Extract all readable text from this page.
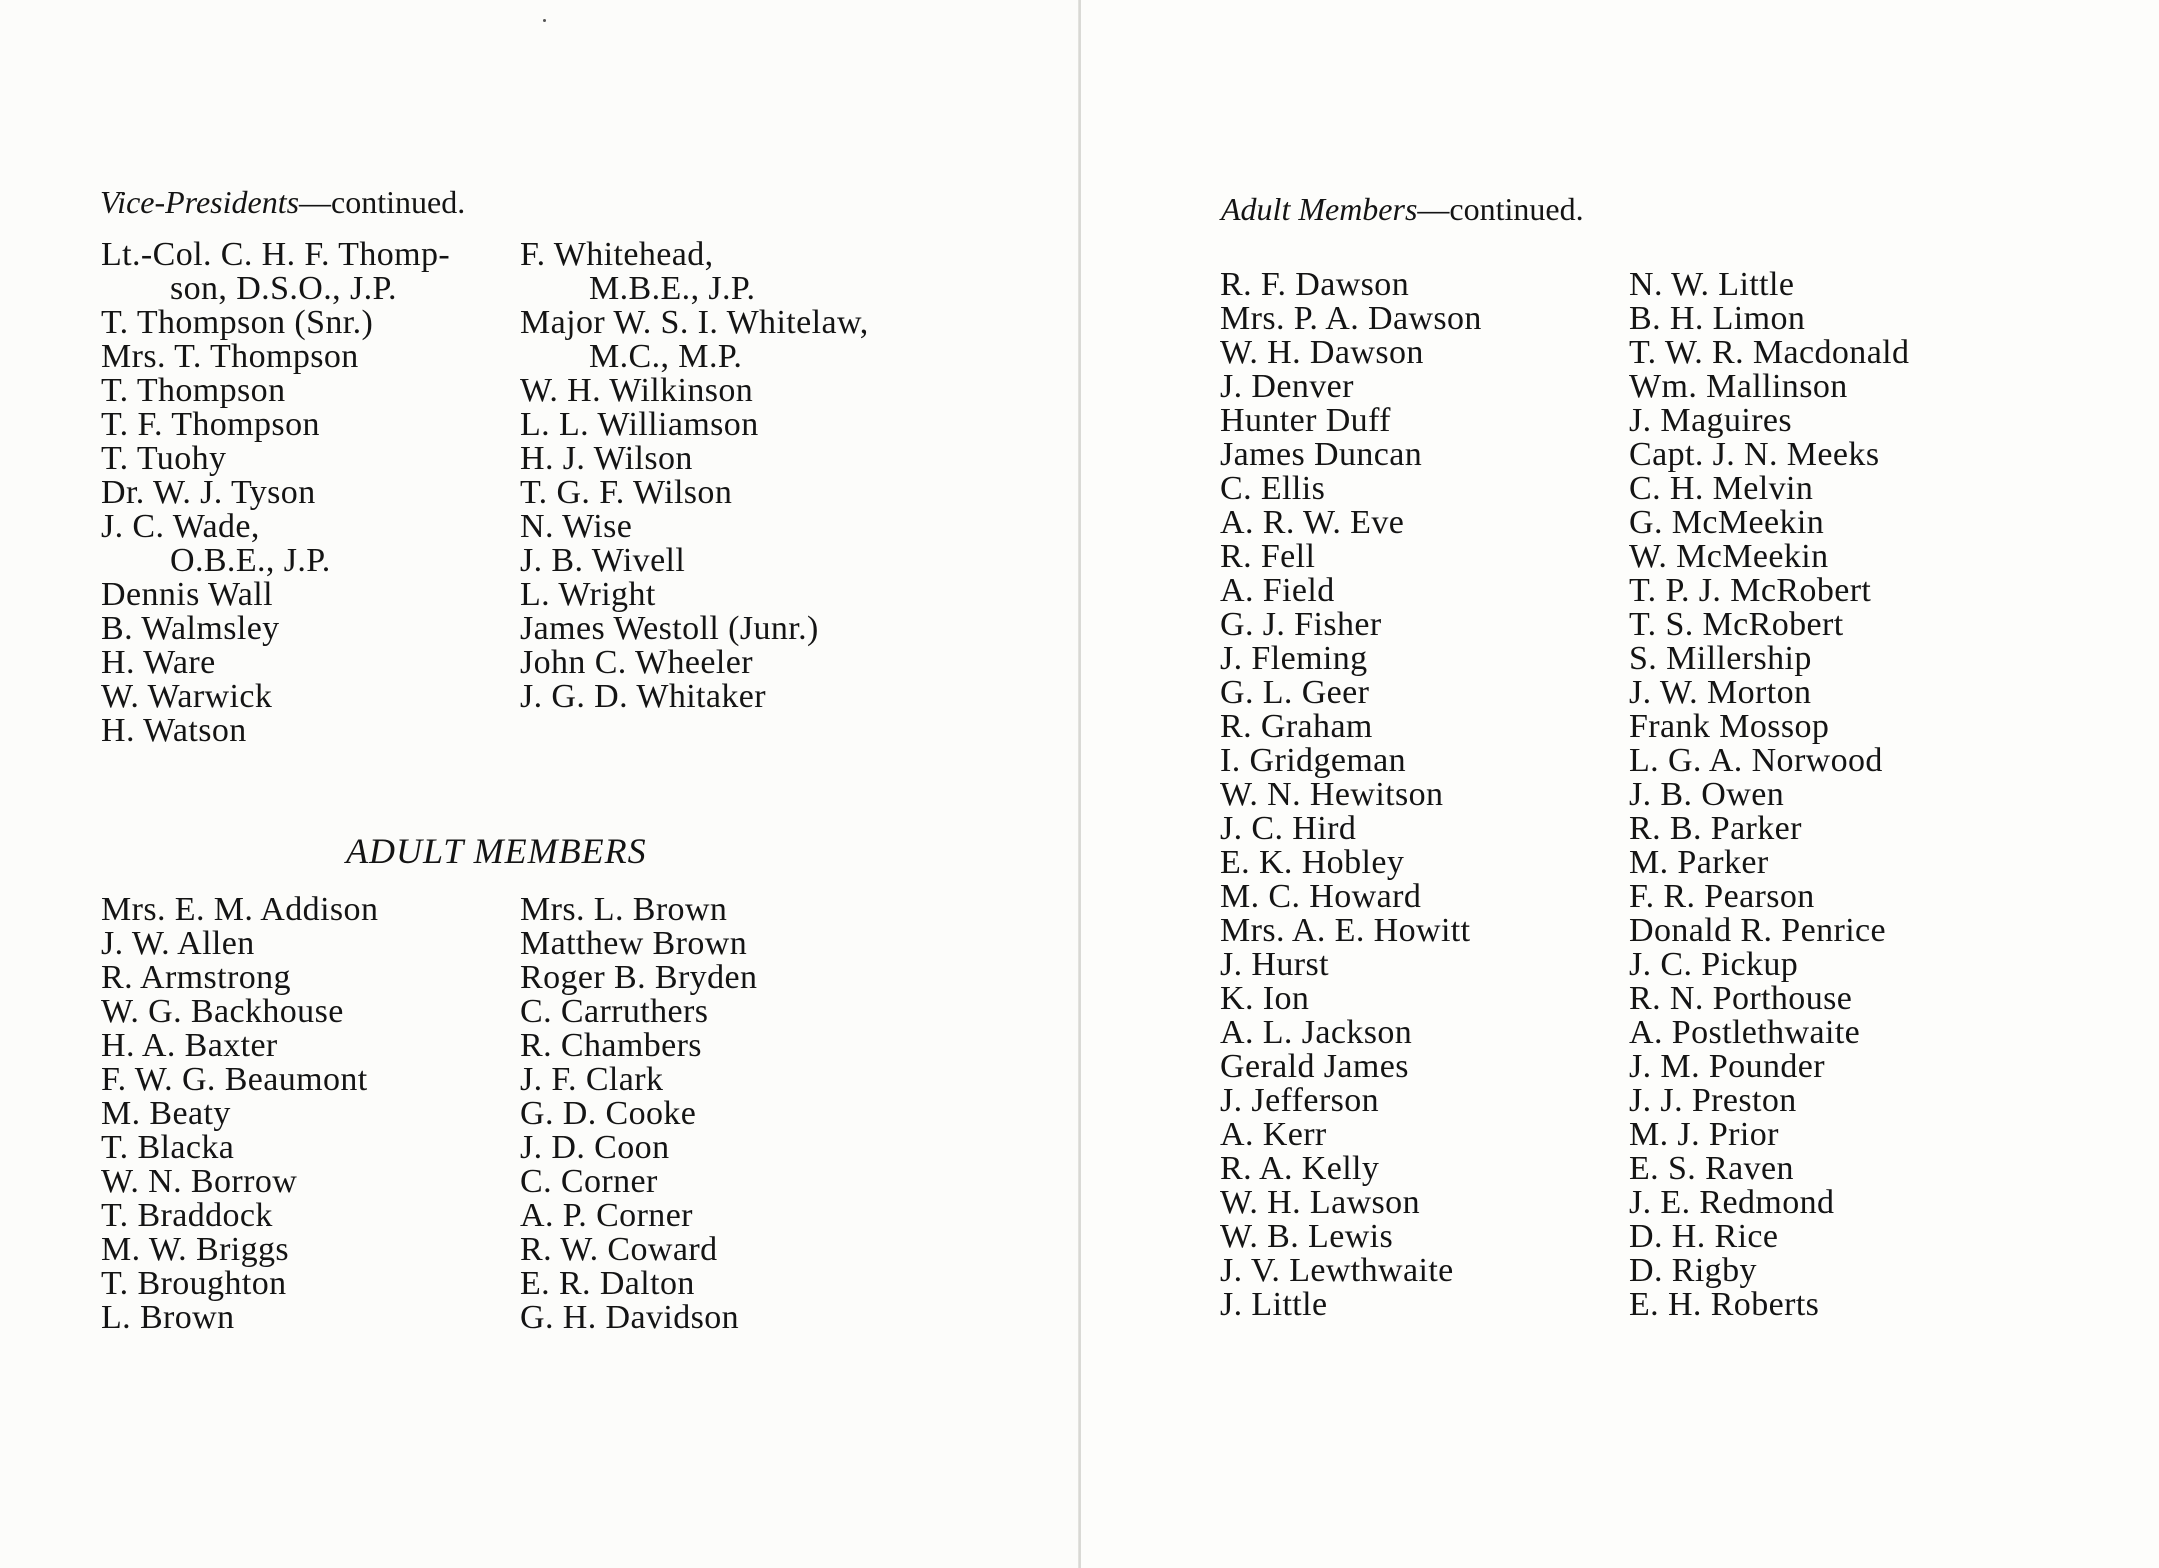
Vice-Presidents—continued.
Lt.-Col. C. H. F. Thomp-
son, D.S.O., J.P.
T. Thompson (Snr.)
Mrs. T. Thompson
T. Thompson
T. F. Thompson
T. Tuohy
Dr. W. J. Tyson
J. C. Wade,
O.B.E., J.P.
Dennis Wall
B. Walmsley
H. Ware
W. Warwick
H. Watson
F. Whitehead,
M.B.E., J.P.
Major W. S. I. Whitelaw,
M.C., M.P.
W. H. Wilkinson
L. L. Williamson
H. J. Wilson
T. G. F. Wilson
N. Wise
J. B. Wivell
L. Wright
James Westoll (Junr.)
John C. Wheeler
J. G. D. Whitaker
ADULT MEMBERS
Mrs. E. M. Addison
J. W. Allen
R. Armstrong
W. G. Backhouse
H. A. Baxter
F. W. G. Beaumont
M. Beaty
T. Blacka
W. N. Borrow
T. Braddock
M. W. Briggs
T. Broughton
L. Brown
Mrs. L. Brown
Matthew Brown
Roger B. Bryden
C. Carruthers
R. Chambers
J. F. Clark
G. D. Cooke
J. D. Coon
C. Corner
A. P. Corner
R. W. Coward
E. R. Dalton
G. H. Davidson
Adult Members—continued.
R. F. Dawson
Mrs. P. A. Dawson
W. H. Dawson
J. Denver
Hunter Duff
James Duncan
C. Ellis
A. R. W. Eve
R. Fell
A. Field
G. J. Fisher
J. Fleming
G. L. Geer
R. Graham
I. Gridgeman
W. N. Hewitson
J. C. Hird
E. K. Hobley
M. C. Howard
Mrs. A. E. Howitt
J. Hurst
K. Ion
A. L. Jackson
Gerald James
J. Jefferson
A. Kerr
R. A. Kelly
W. H. Lawson
W. B. Lewis
J. V. Lewthwaite
J. Little
N. W. Little
B. H. Limon
T. W. R. Macdonald
Wm. Mallinson
J. Maguires
Capt. J. N. Meeks
C. H. Melvin
G. McMeekin
W. McMeekin
T. P. J. McRobert
T. S. McRobert
S. Millership
J. W. Morton
Frank Mossop
L. G. A. Norwood
J. B. Owen
R. B. Parker
M. Parker
F. R. Pearson
Donald R. Penrice
J. C. Pickup
R. N. Porthouse
A. Postlethwaite
J. M. Pounder
J. J. Preston
M. J. Prior
E. S. Raven
J. E. Redmond
D. H. Rice
D. Rigby
E. H. Roberts
